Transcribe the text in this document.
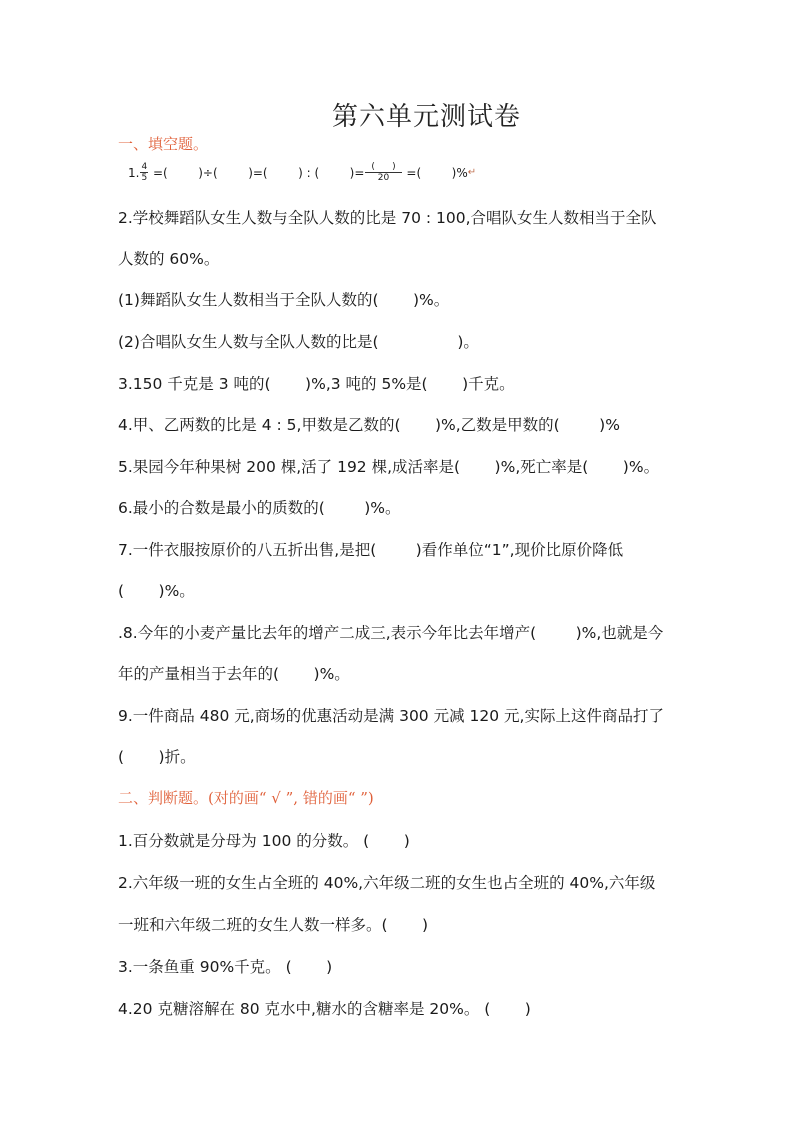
第六单元测试卷
一、填空题。
1. $\frac{4}{5}$ =(        )÷(        )=(        ) : (        )= $\frac{( )}{20}$ =(        )% ↵
2.学校舞蹈队女生人数与全队人数的比是 70 : 100,合唱队女生人数相当于全队
人数的 60%。
(1)舞蹈队女生人数相当于全队人数的(       )%。
(2)合唱队女生人数与全队人数的比是(                )。
3.150 千克是 3 吨的(       )%,3 吨的 5%是(       )千克。
4.甲、乙两数的比是 4 : 5,甲数是乙数的(       )%,乙数是甲数的(        )%
5.果园今年种果树 200 棵,活了 192 棵,成活率是(       )%,死亡率是(       )%。
6.最小的合数是最小的质数的(        )%。
7.一件衣服按原价的八五折出售,是把(        )看作单位“1”,现价比原价降低
(       )%。
.8.今年的小麦产量比去年的增产二成三,表示今年比去年增产(        )%,也就是今
年的产量相当于去年的(       )%。
9.一件商品 480 元,商场的优惠活动是满 300 元减 120 元,实际上这件商品打了
(       )折。
二、判断题。(对的画“ √ ”, 错的画“ ”)
1.百分数就是分母为 100 的分数。 (       )
2.六年级一班的女生占全班的 40%,六年级二班的女生也占全班的 40%,六年级
一班和六年级二班的女生人数一样多。(       )
3.一条鱼重 90%千克。 (       )
4.20 克糖溶解在 80 克水中,糖水的含糖率是 20%。 (       )
